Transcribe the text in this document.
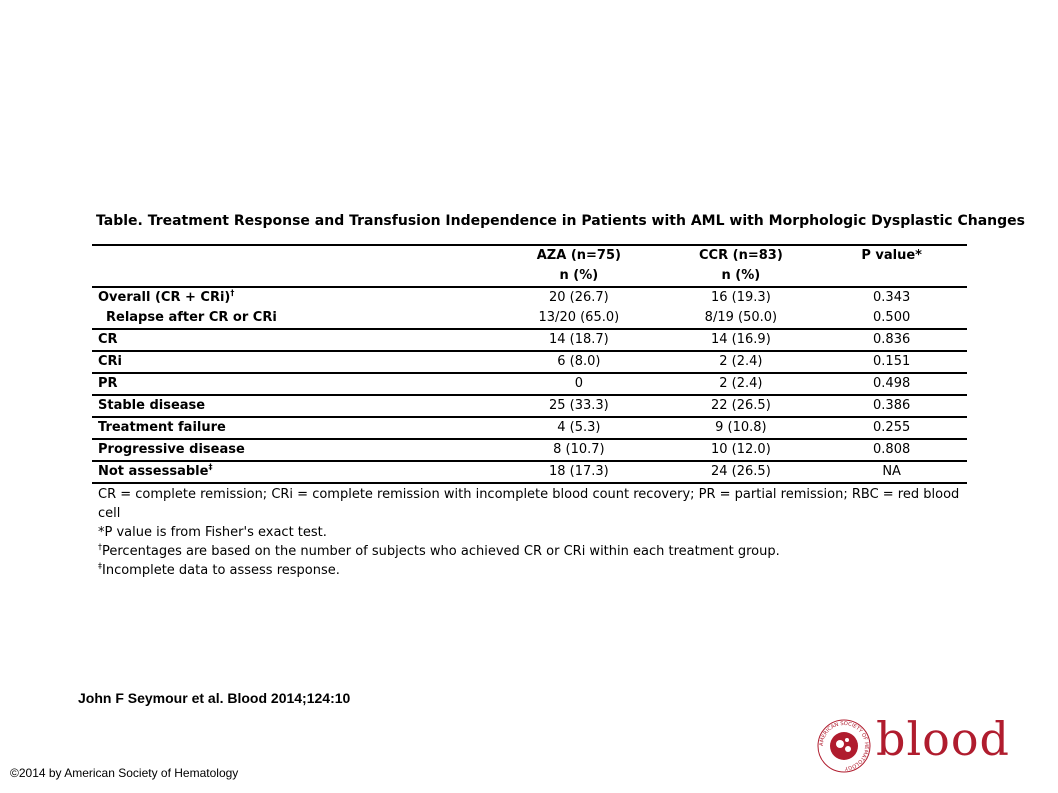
Table. Treatment Response and Transfusion Independence in Patients with AML with Morphologic Dysplastic Changes
	AZA (n=75)	CCR (n=83)	P value*
	n (%)	n (%)	
Overall (CR + CRi)†	20 (26.7)	16 (19.3)	0.343
Relapse after CR or CRi	13/20 (65.0)	8/19 (50.0)	0.500
CR	14 (18.7)	14 (16.9)	0.836
CRi	6 (8.0)	2 (2.4)	0.151
PR	0	2 (2.4)	0.498
Stable disease	25 (33.3)	22 (26.5)	0.386
Treatment failure	4 (5.3)	9 (10.8)	0.255
Progressive disease	8 (10.7)	10 (12.0)	0.808
Not assessable‡	18 (17.3)	24 (26.5)	NA
CR = complete remission; CRi = complete remission with incomplete blood count recovery; PR = partial remission; RBC = red blood cell
*P value is from Fisher's exact test.
†Percentages are based on the number of subjects who achieved CR or CRi within each treatment group.
‡Incomplete data to assess response.
John F Seymour et al. Blood 2014;124:10
©2014 by American Society of Hematology
AMERICAN SOCIETY OF HEMATOLOGY
blood
